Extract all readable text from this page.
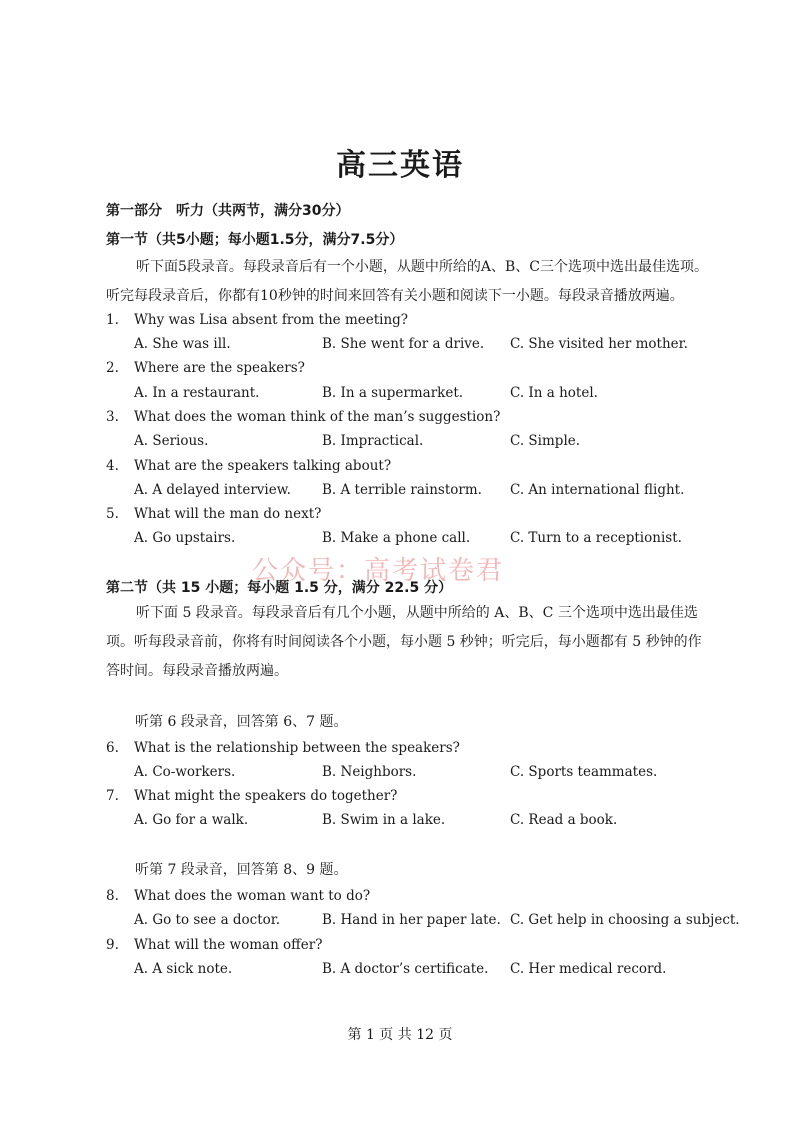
高三英语
第一部分　听力（共两节，满分30分）
第一节（共5小题；每小题1.5分，满分7.5分）
听下面5段录音。每段录音后有一个小题，从题中所给的A、B、C三个选项中选出最佳选项。
听完每段录音后，你都有10秒钟的时间来回答有关小题和阅读下一小题。每段录音播放两遍。
1. Why was Lisa absent from the meeting?
A. She was ill.	B. She went for a drive. C. She visited her mother.
2. Where are the speakers?
A. In a restaurant.	B. In a supermarket.	C. In a hotel.
3. What does the woman think of the man’s suggestion?
A. Serious.	B. Impractical.	C. Simple.
4. What are the speakers talking about?
A. A delayed interview. B. A terrible rainstorm. C. An international flight.
5. What will the man do next?
A. Go upstairs.	B. Make a phone call.	C. Turn to a receptionist.
公众号：高考试卷君
第二节（共 15 小题；每小题 1.5 分，满分 22.5 分）
听下面 5 段录音。每段录音后有几个小题，从题中所给的 A、B、C 三个选项中选出最佳选
项。听每段录音前，你将有时间阅读各个小题，每小题 5 秒钟；听完后，每小题都有 5 秒钟的作
答时间。每段录音播放两遍。
听第 6 段录音，回答第 6、7 题。
6. What is the relationship between the speakers?
A. Co-workers.	B. Neighbors.	C. Sports teammates.
7. What might the speakers do together?
A. Go for a walk.	B. Swim in a lake.	C. Read a book.
听第 7 段录音，回答第 8、9 题。
8. What does the woman want to do?
A. Go to see a doctor.	B. Hand in her paper late. C. Get help in choosing a subject.
9. What will the woman offer?
A. A sick note.	B. A doctor’s certificate. C. Her medical record.
第 1 页 共 12 页
